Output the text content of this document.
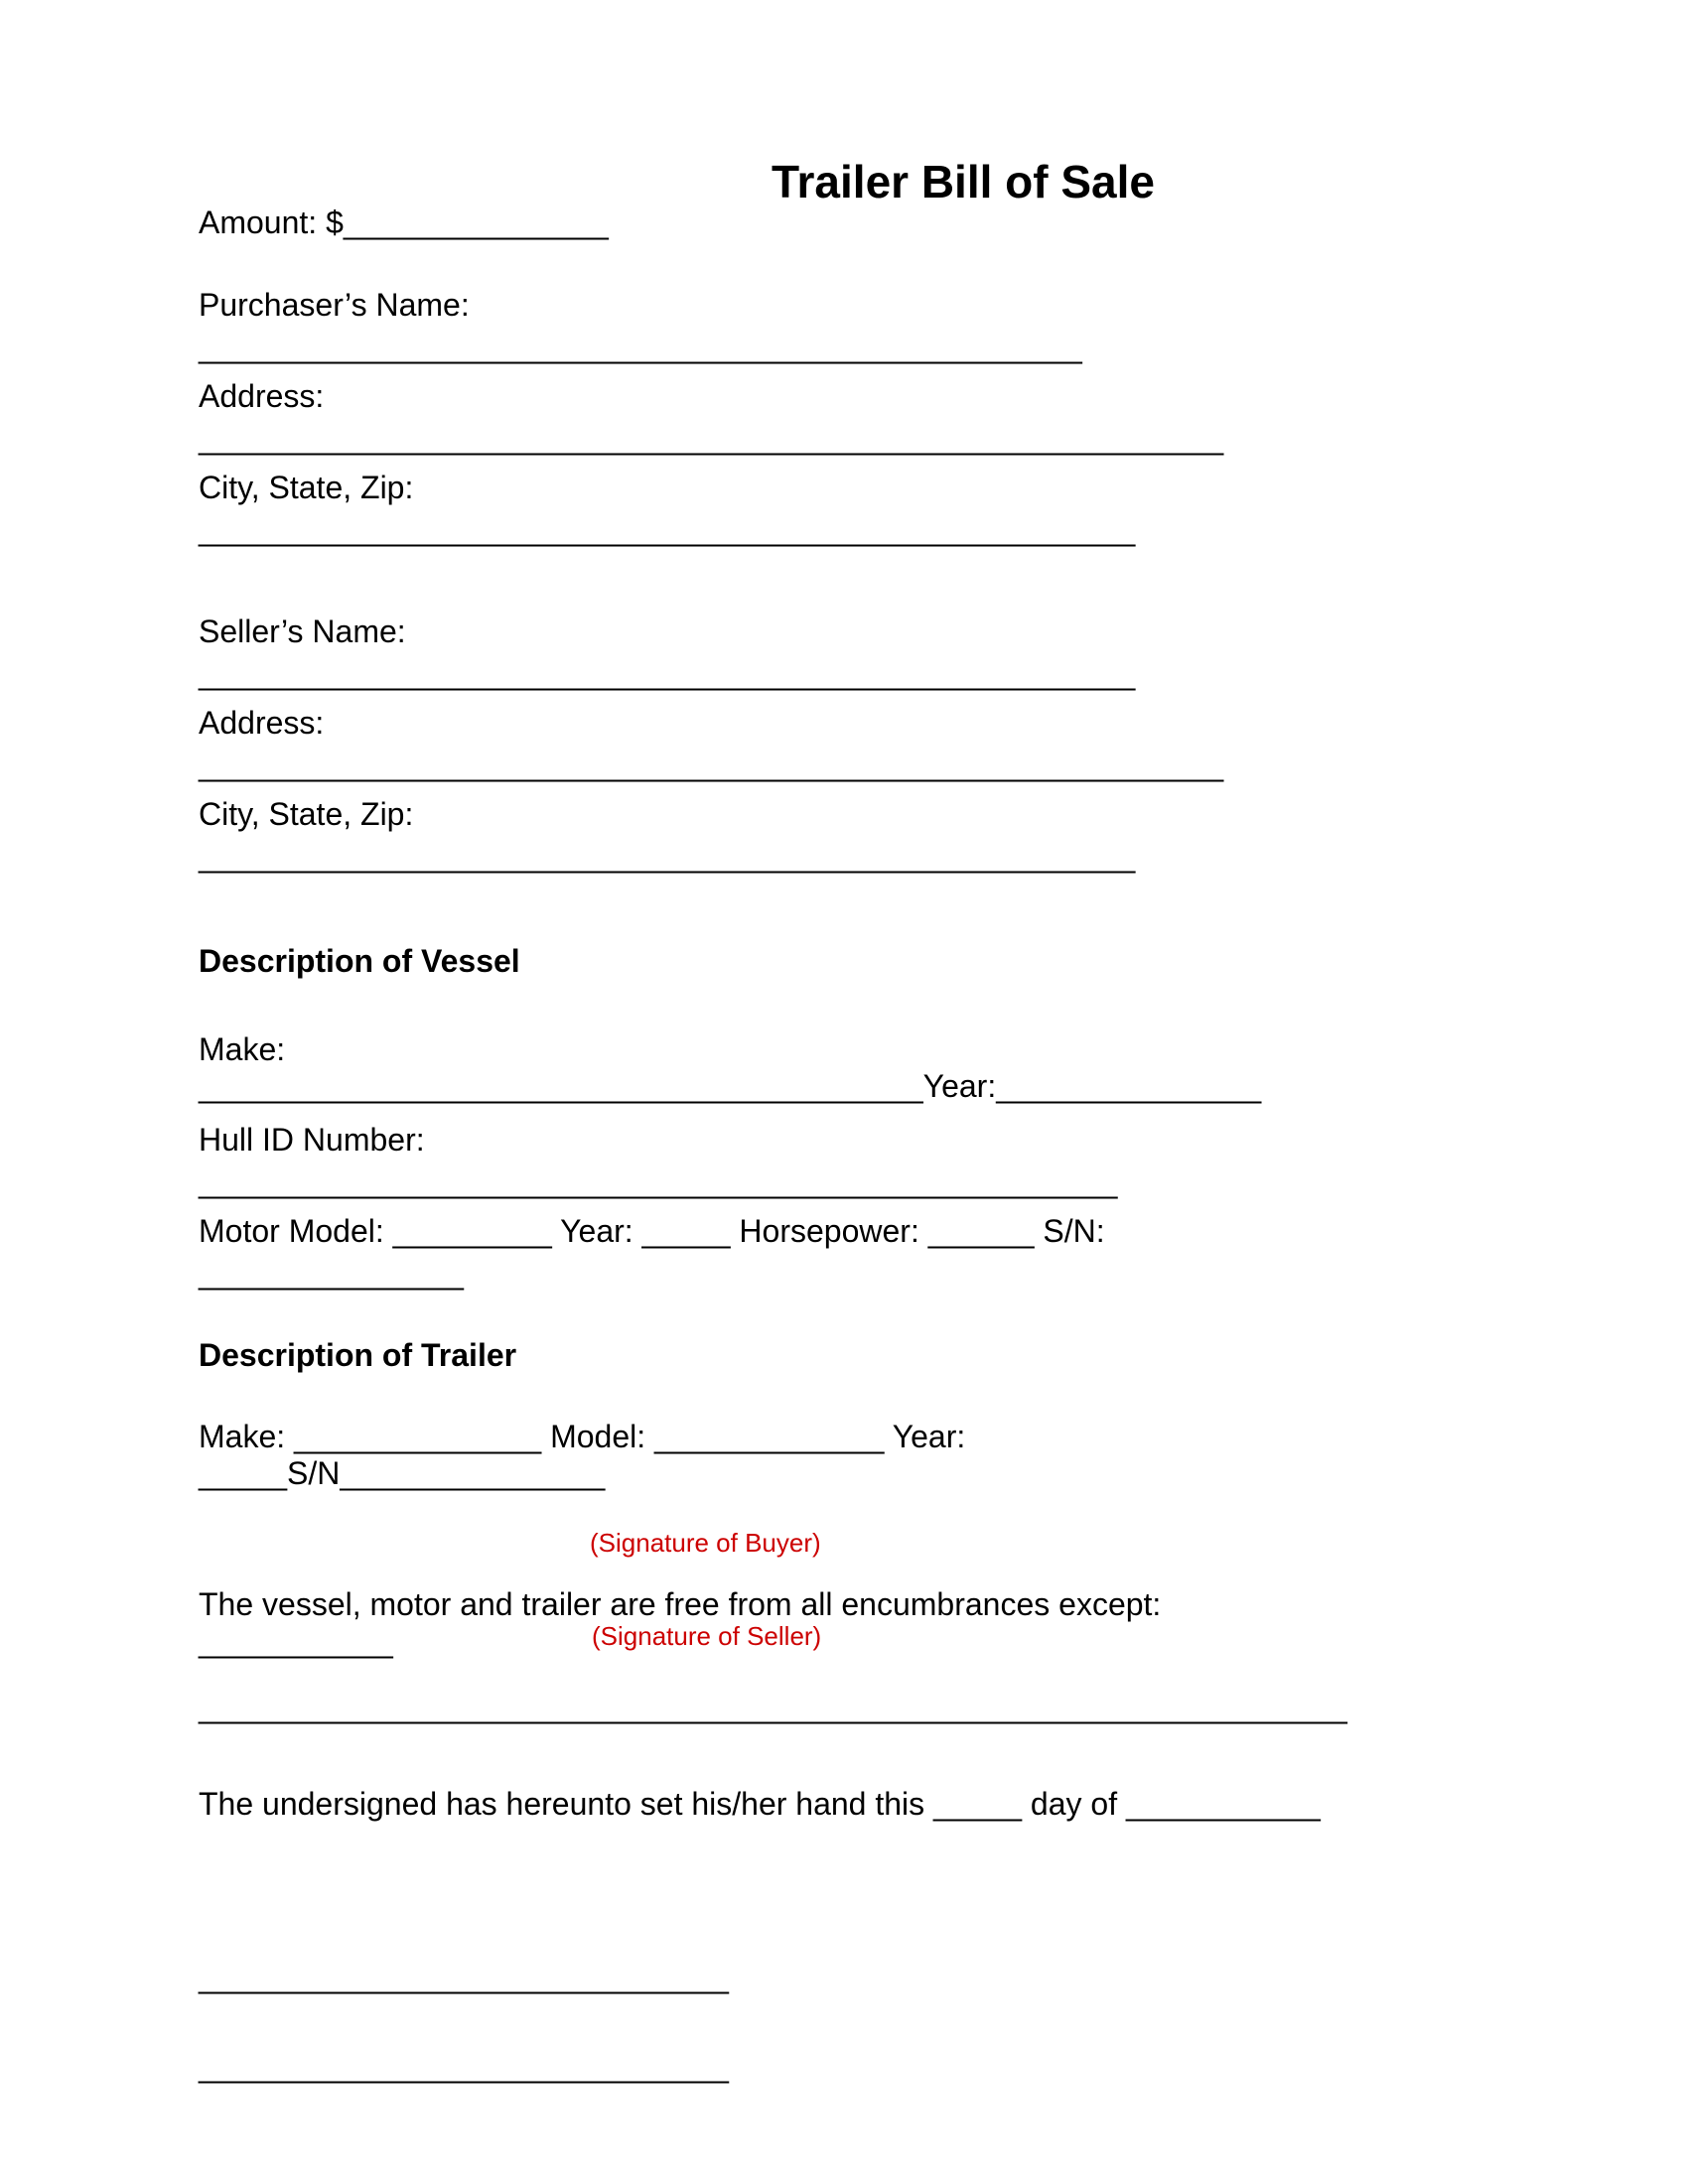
Trailer Bill of Sale
Amount: $_______________
Purchaser’s Name:
__________________________________________________
Address:
__________________________________________________________
City, State, Zip:
_____________________________________________________
Seller’s Name:
_____________________________________________________
Address:
__________________________________________________________
City, State, Zip:
_____________________________________________________
Description of Vessel
Make:
_________________________________________Year:_______________
Hull ID Number:
____________________________________________________
Motor Model: _________ Year: _____ Horsepower: ______ S/N:
_______________
Description of Trailer
Make: ______________ Model: _____________ Year:
_____S/N_______________
(Signature of Buyer)
The vessel, motor and trailer are free from all encumbrances except:
___________	(Signature of Seller)
_________________________________________________________________
The undersigned has hereunto set his/her hand this _____ day of ___________
______________________________
______________________________
